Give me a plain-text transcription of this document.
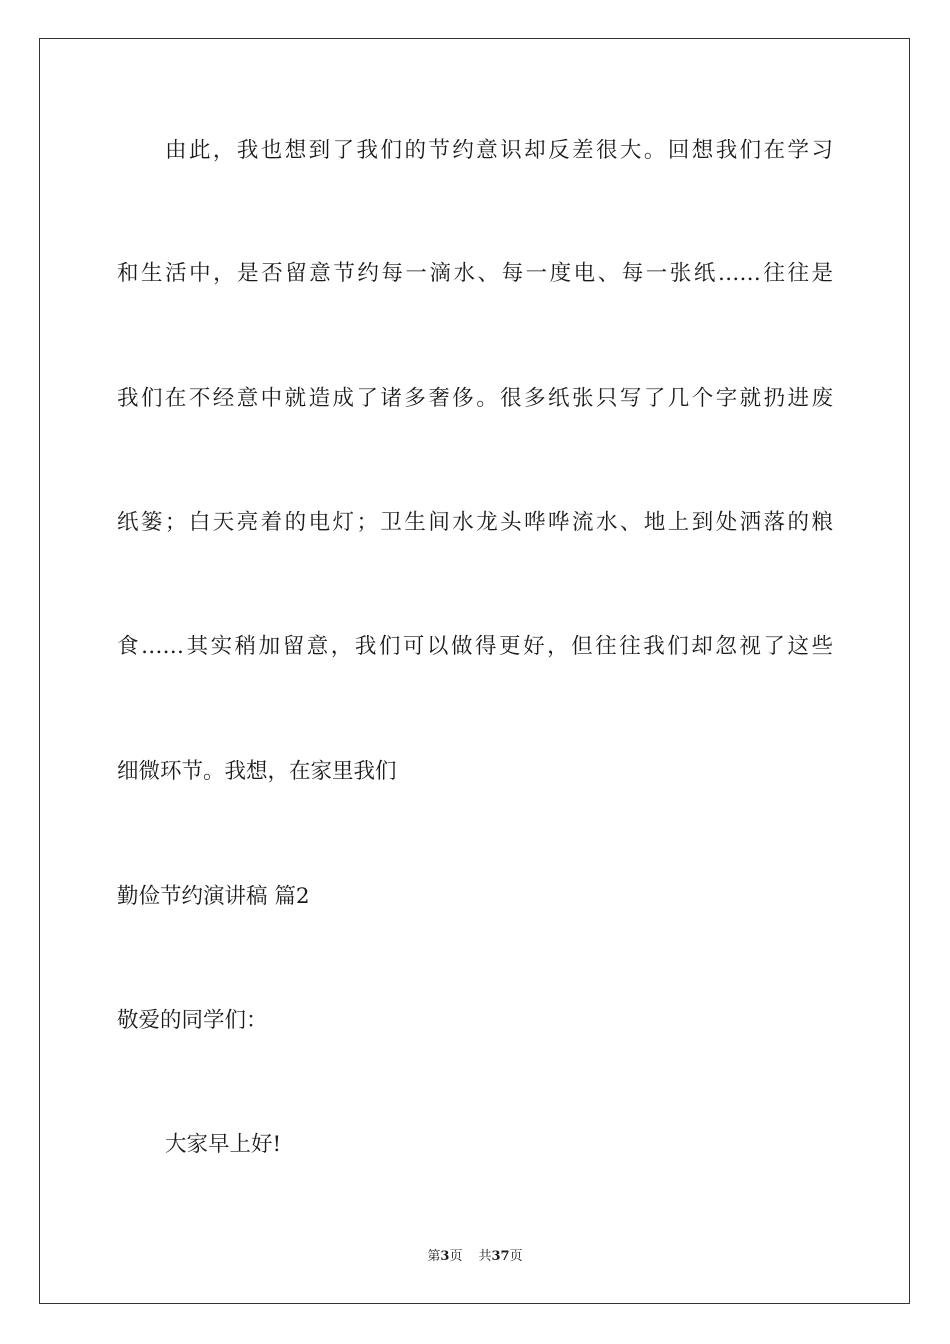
由此，我也想到了我们的节约意识却反差很大。回想我们在学习
和生活中，是否留意节约每一滴水、每一度电、每一张纸……往往是
我们在不经意中就造成了诸多奢侈。很多纸张只写了几个字就扔进废
纸篓；白天亮着的电灯；卫生间水龙头哗哗流水、地上到处洒落的粮
食……其实稍加留意，我们可以做得更好，但往往我们却忽视了这些
细微环节。我想，在家里我们
勤俭节约演讲稿 篇2
敬爱的同学们：
大家早上好!
第3页 共37页
